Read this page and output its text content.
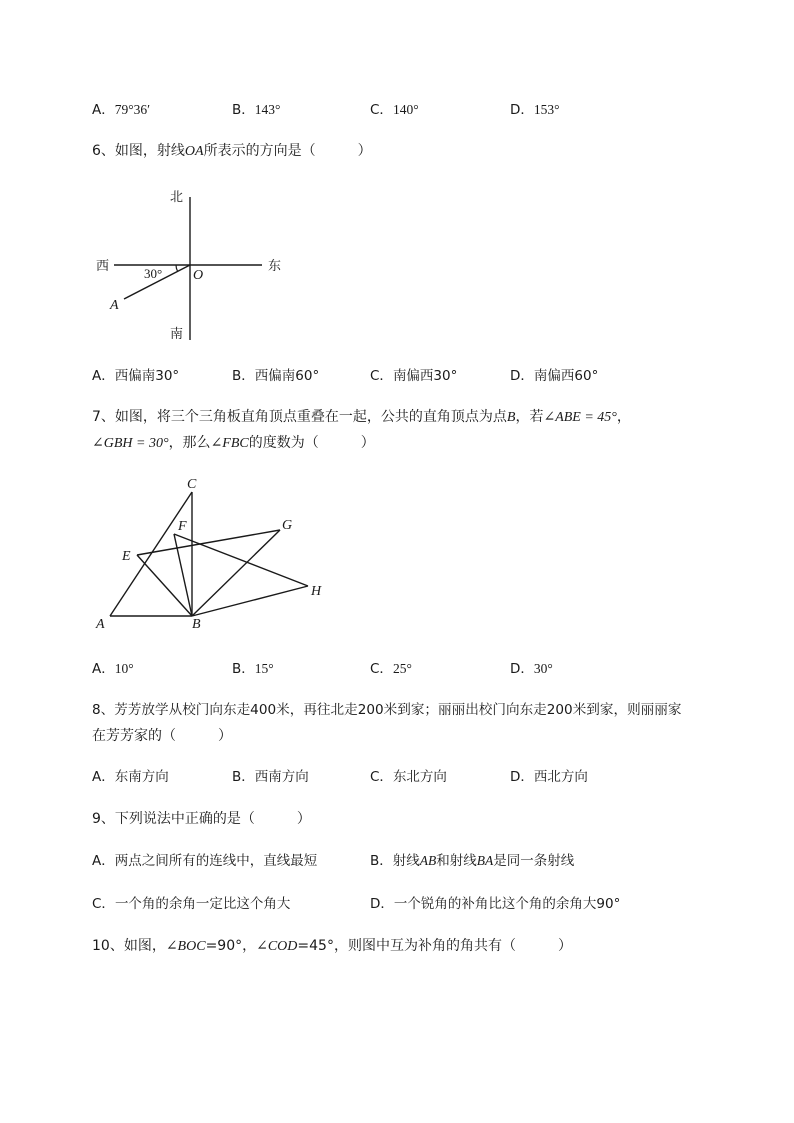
A．79°36′	B．143°	C．140°	D．153°
6、如图，射线OA所表示的方向是（　　　）
北
南
西	东
O
A
30°
A．西偏南30°	B．西偏南60°	C．南偏西30°	D．南偏西60°
7、如图，将三个三角板直角顶点重叠在一起，公共的直角顶点为点B，若∠ABE = 45°，
∠GBH = 30°，那么∠FBC的度数为（　　　）
C
F	G
E
H
A	B
A．10°	B．15°	C．25°	D．30°
8、芳芳放学从校门向东走400米，再往北走200米到家；丽丽出校门向东走200米到家，则丽丽家
在芳芳家的（　　　）
A．东南方向	B．西南方向	C．东北方向	D．西北方向
9、下列说法中正确的是（　　　）
A．两点之间所有的连线中，直线最短	B．射线AB和射线BA是同一条射线
C．一个角的余角一定比这个角大	D．一个锐角的补角比这个角的余角大90°
10、如图，∠BOC=90°，∠COD=45°，则图中互为补角的角共有（　　　）
